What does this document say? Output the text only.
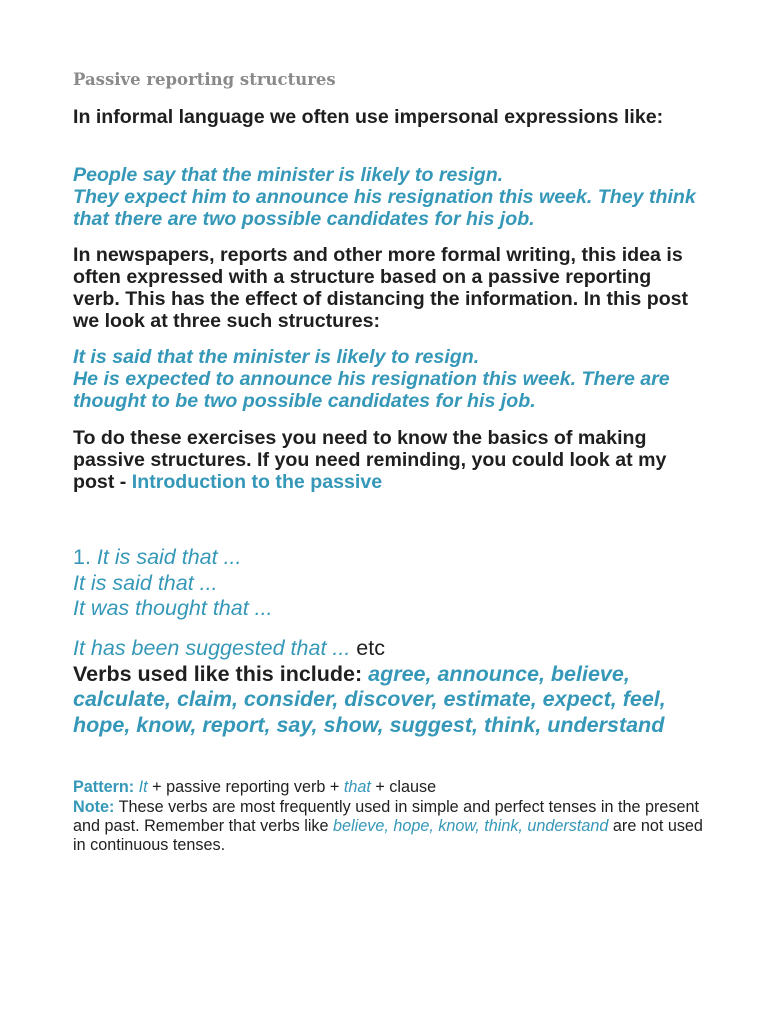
Passive reporting structures

In informal language we often use impersonal expressions like:

People say that the minister is likely to resign.
They expect him to announce his resignation this week. They think that there are two possible candidates for his job.

In newspapers, reports and other more formal writing, this idea is often expressed with a structure based on a passive reporting verb. This has the effect of distancing the information. In this post we look at three such structures:

It is said that the minister is likely to resign.
He is expected to announce his resignation this week. There are thought to be two possible candidates for his job.

To do these exercises you need to know the basics of making passive structures. If you need reminding, you could look at my post - Introduction to the passive

1. It is said that ...
It is said that ...
It was thought that ...
It has been suggested that ... etc
Verbs used like this include: agree, announce, believe, calculate, claim, consider, discover, estimate, expect, feel, hope, know, report, say, show, suggest, think, understand

Pattern: It + passive reporting verb + that + clause

Note: These verbs are most frequently used in simple and perfect tenses in the present and past. Remember that verbs like believe, hope, know, think, understand are not used in continuous tenses.
